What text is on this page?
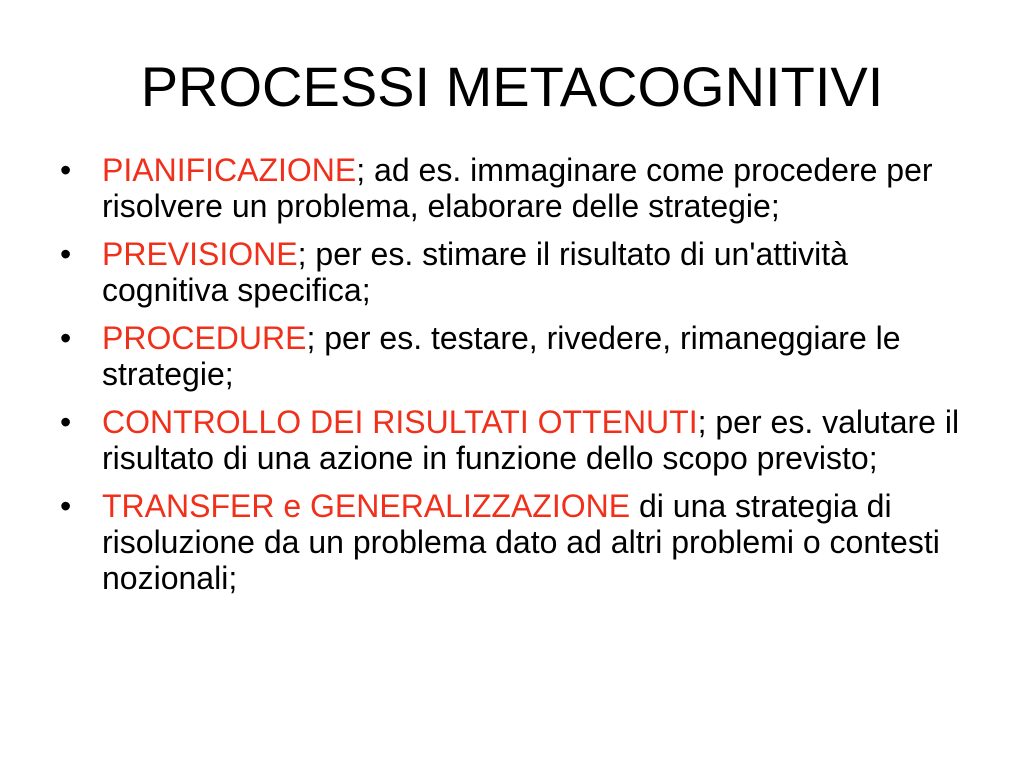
PROCESSI METACOGNITIVI
• PIANIFICAZIONE; ad es. immaginare come procedere per risolvere un problema, elaborare delle strategie;
• PREVISIONE; per es. stimare il risultato di un'attività cognitiva specifica;
• PROCEDURE; per es. testare, rivedere, rimaneggiare le strategie;
• CONTROLLO DEI RISULTATI OTTENUTI; per es. valutare il risultato di una azione in funzione dello scopo previsto;
• TRANSFER e GENERALIZZAZIONE di una strategia di risoluzione da un problema dato ad altri problemi o contesti nozionali;
